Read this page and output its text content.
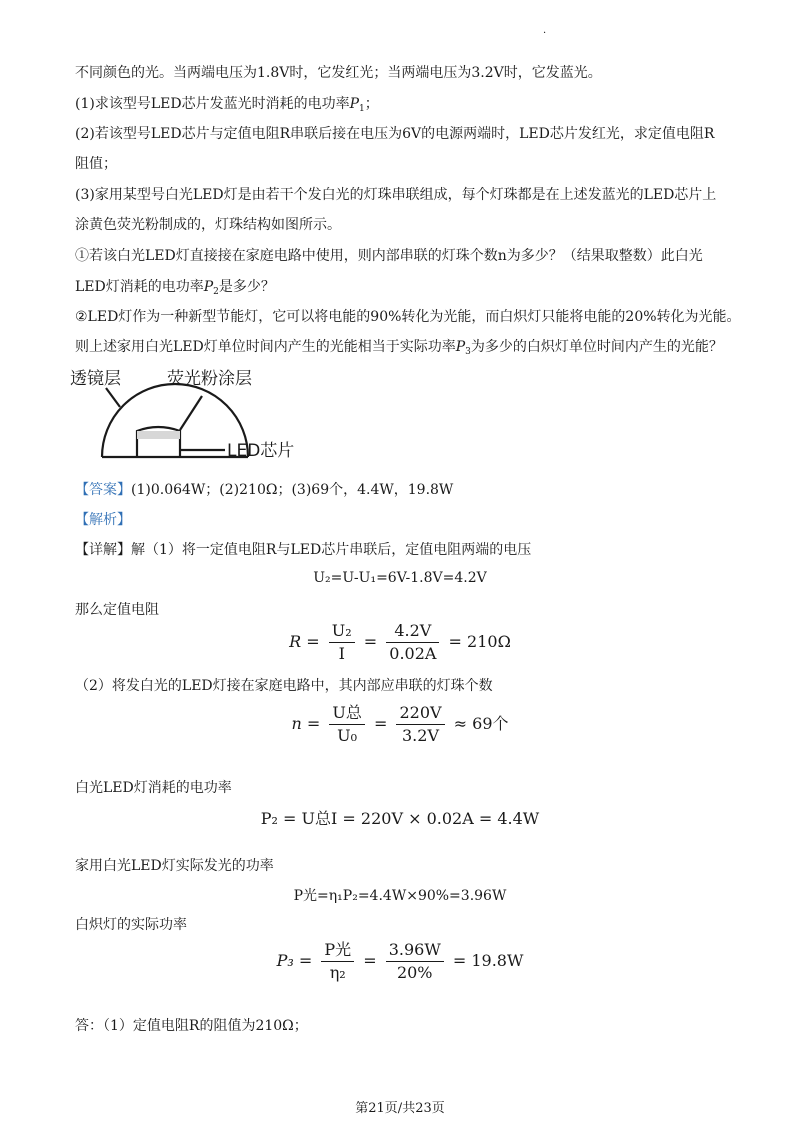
·
不同颜色的光。当两端电压为1.8V时，它发红光；当两端电压为3.2V时，它发蓝光。
(1)求该型号LED芯片发蓝光时消耗的电功率$P_1$；
(2)若该型号LED芯片与定值电阻R串联后接在电压为6V的电源两端时，LED芯片发红光，求定值电阻R
阻值；
(3)家用某型号白光LED灯是由若干个发白光的灯珠串联组成，每个灯珠都是在上述发蓝光的LED芯片上
涂黄色荧光粉制成的，灯珠结构如图所示。
①若该白光LED灯直接接在家庭电路中使用，则内部串联的灯珠个数n为多少？（结果取整数）此白光
LED灯消耗的电功率$P_2$是多少？
②LED灯作为一种新型节能灯，它可以将电能的90%转化为光能，而白炽灯只能将电能的20%转化为光能。
则上述家用白光LED灯单位时间内产生的光能相当于实际功率$P_3$为多少的白炽灯单位时间内产生的光能？
透镜层	荧光粉涂层
LED芯片
【答案】(1)0.064W；(2)210Ω；(3)69个，4.4W，19.8W
【解析】
【详解】解（1）将一定值电阻R与LED芯片串联后，定值电阻两端的电压
U₂=U-U₁=6V-1.8V=4.2V
那么定值电阻
$R = \frac{\text{U₂}}{I} = \frac{4.2V}{0.02A} = 210\Omega$
（2）将发白光的LED灯接在家庭电路中，其内部应串联的灯珠个数
$n = \frac{\text{U总}}{\text{U₀}} = \frac{220V}{3.2V} \approx 69$个
白光LED灯消耗的电功率
P₂ = U总I = 220V × 0.02A = 4.4W
家用白光LED灯实际发光的功率
P光=η₁P₂=4.4W×90%=3.96W
白炽灯的实际功率
$P_3 = \frac{\text{P光}}{\text{η₂}} = \frac{3.96W}{20\%} = 19.8W$
答：（1）定值电阻R的阻值为210Ω；
第21页/共23页
